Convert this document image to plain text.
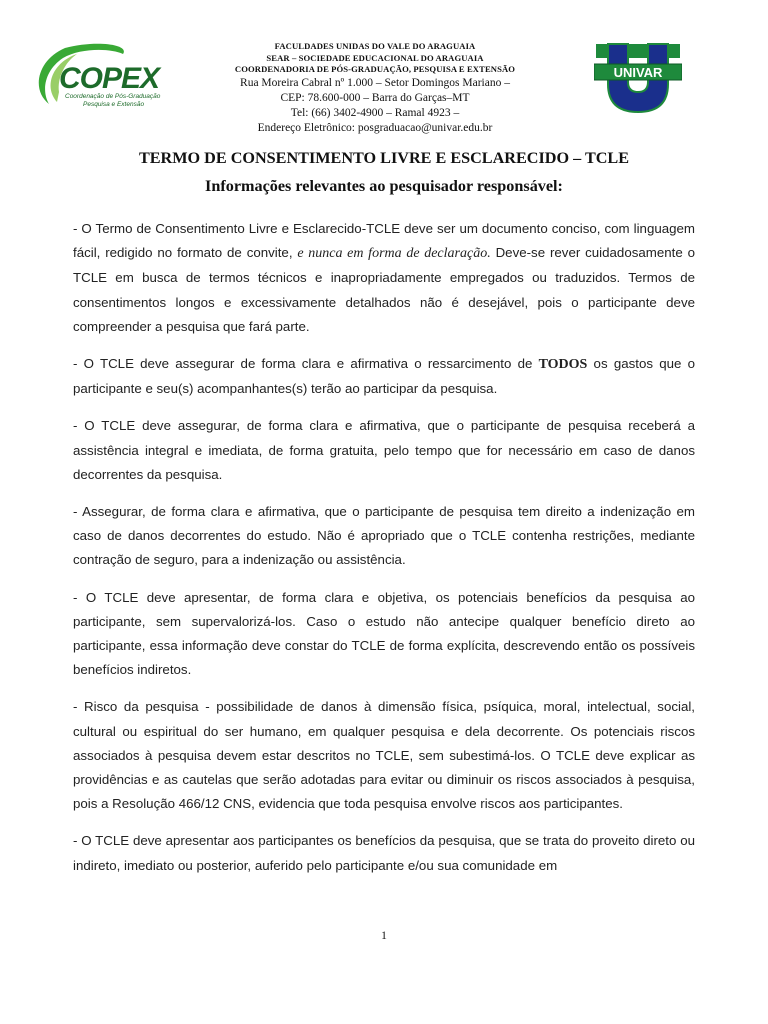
COPEX
Coordenação de Pós-Graduação
Pesquisa e Extensão
FACULDADES UNIDAS DO VALE DO ARAGUAIA
SEAR – SOCIEDADE EDUCACIONAL DO ARAGUAIA
COORDENADORIA DE PÓS-GRADUAÇÃO, PESQUISA E EXTENSÃO
Rua Moreira Cabral nº 1.000 – Setor Domingos Mariano –
CEP: 78.600-000 – Barra do Garças–MT
Tel: (66) 3402-4900 – Ramal 4923 –
Endereço Eletrônico: posgraduacao@univar.edu.br
UNIVAR
TERMO DE CONSENTIMENTO LIVRE E ESCLARECIDO – TCLE
Informações relevantes ao pesquisador responsável:

- O Termo de Consentimento Livre e Esclarecido-TCLE deve ser um documento conciso, com linguagem fácil, redigido no formato de convite, e nunca em forma de declaração. Deve-se rever cuidadosamente o TCLE em busca de termos técnicos e inapropriadamente empregados ou traduzidos. Termos de consentimentos longos e excessivamente detalhados não é desejável, pois o participante deve compreender a pesquisa que fará parte.

- O TCLE deve assegurar de forma clara e afirmativa o ressarcimento de TODOS os gastos que o participante e seu(s) acompanhantes(s) terão ao participar da pesquisa.

- O TCLE deve assegurar, de forma clara e afirmativa, que o participante de pesquisa receberá a assistência integral e imediata, de forma gratuita, pelo tempo que for necessário em caso de danos decorrentes da pesquisa.

- Assegurar, de forma clara e afirmativa, que o participante de pesquisa tem direito a indenização em caso de danos decorrentes do estudo. Não é apropriado que o TCLE contenha restrições, mediante contração de seguro, para a indenização ou assistência.

- O TCLE deve apresentar, de forma clara e objetiva, os potenciais benefícios da pesquisa ao participante, sem supervalorizá-los. Caso o estudo não antecipe qualquer benefício direto ao participante, essa informação deve constar do TCLE de forma explícita, descrevendo então os possíveis benefícios indiretos.

- Risco da pesquisa - possibilidade de danos à dimensão física, psíquica, moral, intelectual, social, cultural ou espiritual do ser humano, em qualquer pesquisa e dela decorrente. Os potenciais riscos associados à pesquisa devem estar descritos no TCLE, sem subestimá-los. O TCLE deve explicar as providências e as cautelas que serão adotadas para evitar ou diminuir os riscos associados à pesquisa, pois a Resolução 466/12 CNS, evidencia que toda pesquisa envolve riscos aos participantes.

- O TCLE deve apresentar aos participantes os benefícios da pesquisa, que se trata do proveito direto ou indireto, imediato ou posterior, auferido pelo participante e/ou sua comunidade em

1
